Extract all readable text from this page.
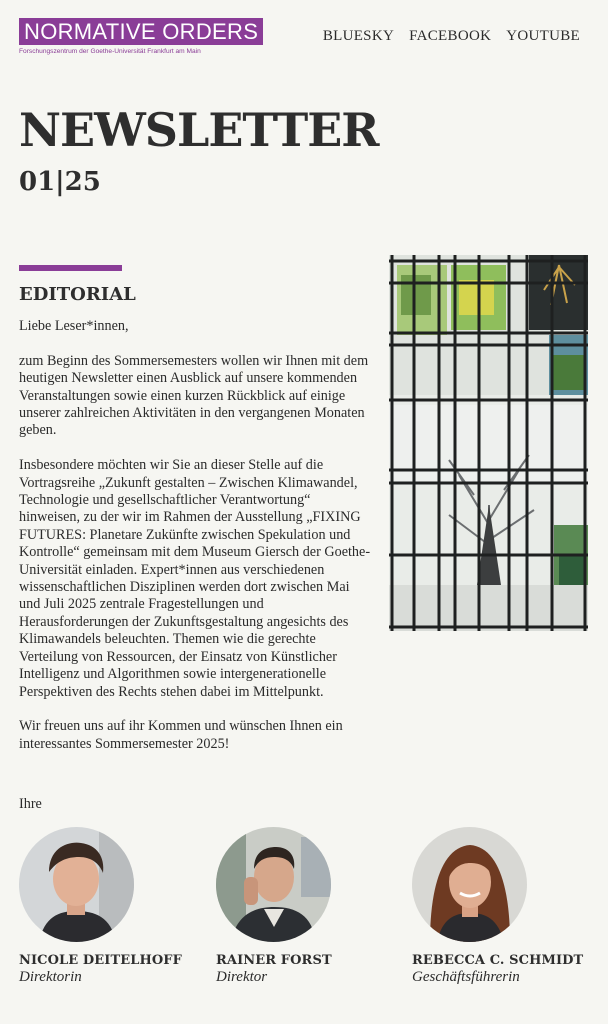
NORMATIVE ORDERS
Forschungszentrum der Goethe-Universität Frankfurt am Main
BLUESKY FACEBOOK YOUTUBE
NEWSLETTER
01|25
EDITORIAL

Liebe Leser*innen,

zum Beginn des Sommersemesters wollen wir Ihnen mit dem heutigen Newsletter einen Ausblick auf unsere kommenden Veranstaltungen sowie einen kurzen Rückblick auf einige unserer zahlreichen Aktivitäten in den vergangenen Monaten geben.

Insbesondere möchten wir Sie an dieser Stelle auf die Vortragsreihe „Zukunft gestalten – Zwischen Klimawandel, Technologie und gesellschaftlicher Verantwortung“ hinweisen, zu der wir im Rahmen der Ausstellung „FIXING FUTURES: Planetare Zukünfte zwischen Spekulation und Kontrolle“ gemeinsam mit dem Museum Giersch der Goethe-Universität einladen. Expert*innen aus verschiedenen wissenschaftlichen Disziplinen werden dort zwischen Mai und Juli 2025 zentrale Fragestellungen und Herausforderungen der Zukunftsgestaltung angesichts des Klimawandels beleuchten. Themen wie die gerechte Verteilung von Ressourcen, der Einsatz von Künstlicher Intelligenz und Algorithmen sowie intergenerationelle Perspektiven des Rechts stehen dabei im Mittelpunkt.

Wir freuen uns auf ihr Kommen und wünschen Ihnen ein interessantes Sommersemester 2025!

Ihre
NICOLE DEITELHOFF
Direktorin
RAINER FORST
Direktor
REBECCA C. SCHMIDT
Geschäftsführerin
